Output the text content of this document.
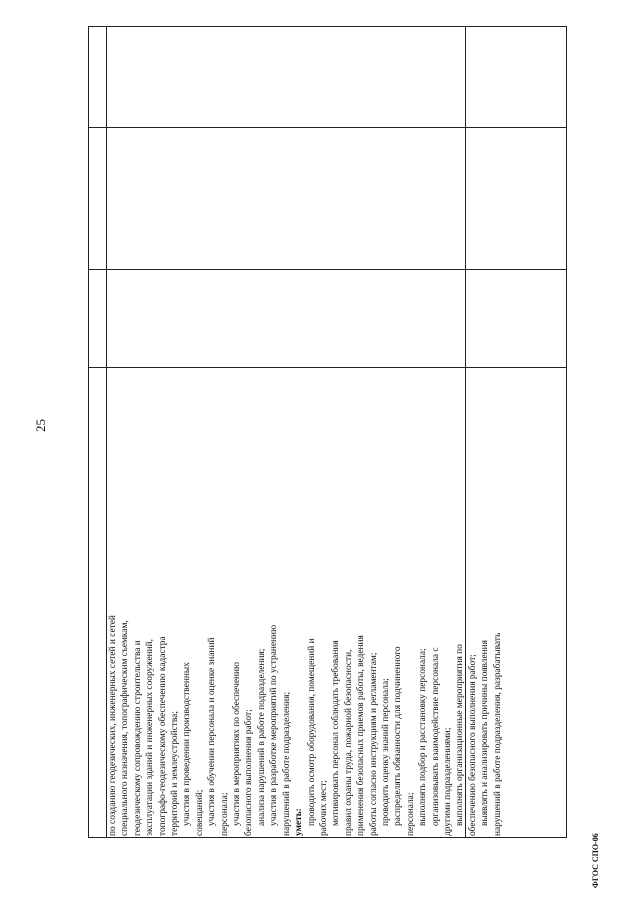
25

по созданию геодезических, инженерных сетей и сетей специального назначения, топографическим съемкам, геодезическому сопровождению строительства и эксплуатации зданий и инженерных сооружений, топографо-геодезическому обеспечению кадастра территорий и землеустройства; участия в проведении производственных совещаний; участия в обучении персонала и оценке знаний персонала; участия в мероприятиях по обеспечению безопасного выполнения работ; анализа нарушений в работе подразделения; участия в разработке мероприятий по устранению нарушений в работе подразделения; уметь: проводить осмотр оборудования, помещений и рабочих мест; мотивировать персонал соблюдать требования правил охраны труда, пожарной безопасности, применения безопасных приемов работы, ведения работы согласно инструкциям и регламентам; проводить оценку знаний персонала; распределять обязанности для подчиненного персонала; выполнять подбор и расстановку персонала; организовывать взаимодействие персонала с другими подразделениями; выполнять организационные мероприятия по обеспечению безопасного выполнения работ; выявлять и анализировать причины появления нарушений в работе подразделения, разрабатывать

ФГОС СПО-06
